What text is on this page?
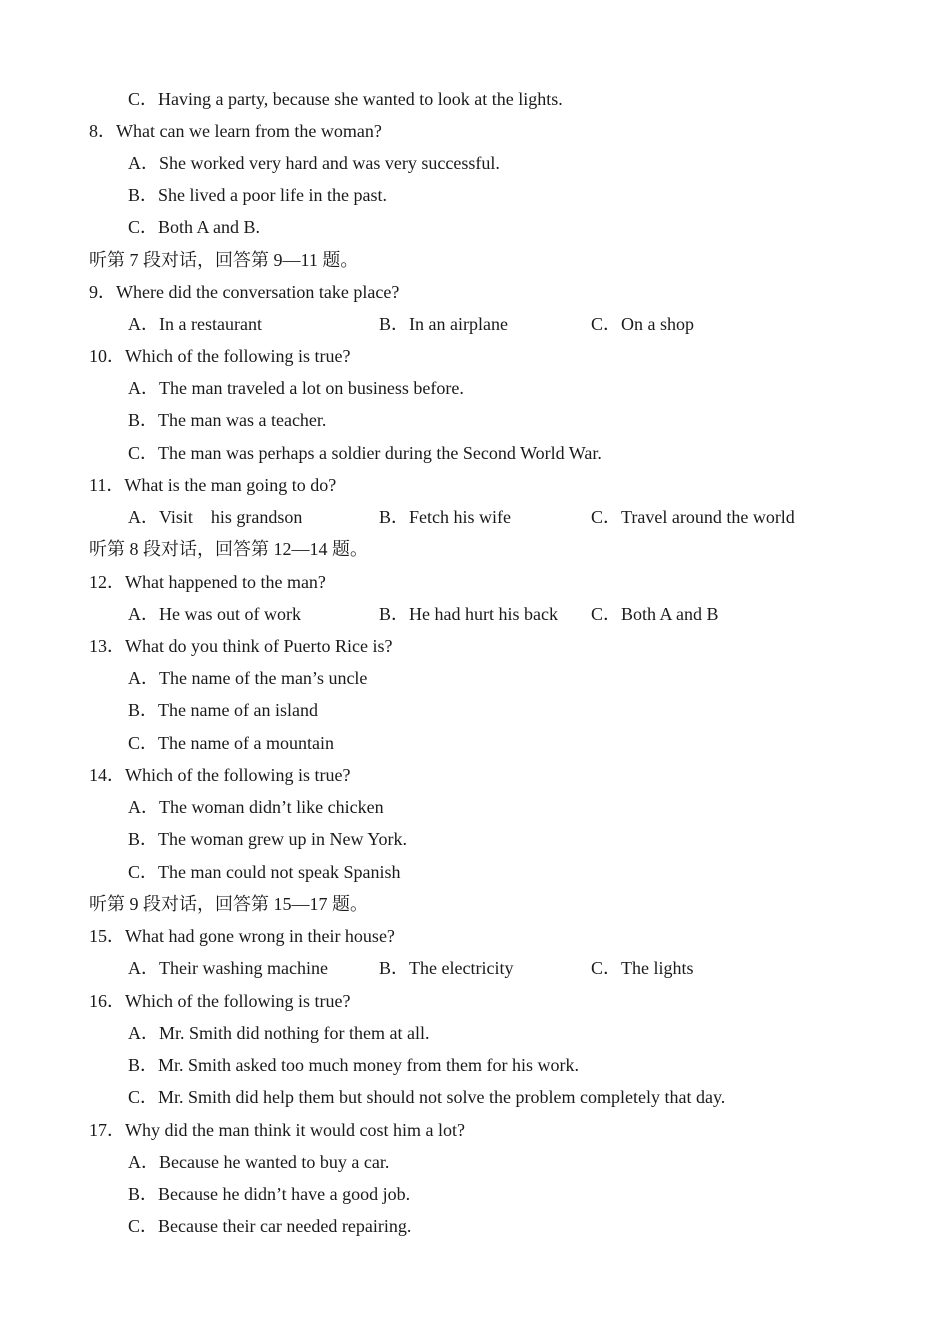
C．Having a party, because she wanted to look at the lights.
8．What can we learn from the woman?
A．She worked very hard and was very successful.
B．She lived a poor life in the past.
C．Both A and B.
听第 7 段对话，回答第 9—11 题。
9．Where did the conversation take place?
A．In a restaurant	B．In an airplane	C．On a shop
10．Which of the following is true?
A．The man traveled a lot on business before.
B．The man was a teacher.
C．The man was perhaps a soldier during the Second World War.
11．What is the man going to do?
A．Visit    his grandson	B．Fetch his wife	C．Travel around the world
听第 8 段对话，回答第 12—14 题。
12．What happened to the man?
A．He was out of work	B．He had hurt his back C．Both A and B
13．What do you think of Puerto Rice is?
A．The name of the man’s uncle
B．The name of an island
C．The name of a mountain
14．Which of the following is true?
A．The woman didn’t like chicken
B．The woman grew up in New York.
C．The man could not speak Spanish
听第 9 段对话，回答第 15—17 题。
15．What had gone wrong in their house?
A．Their washing machine	B．The electricity	C．The lights
16．Which of the following is true?
A．Mr. Smith did nothing for them at all.
B．Mr. Smith asked too much money from them for his work.
C．Mr. Smith did help them but should not solve the problem completely that day.
17．Why did the man think it would cost him a lot?
A．Because he wanted to buy a car.
B．Because he didn’t have a good job.
C．Because their car needed repairing.
